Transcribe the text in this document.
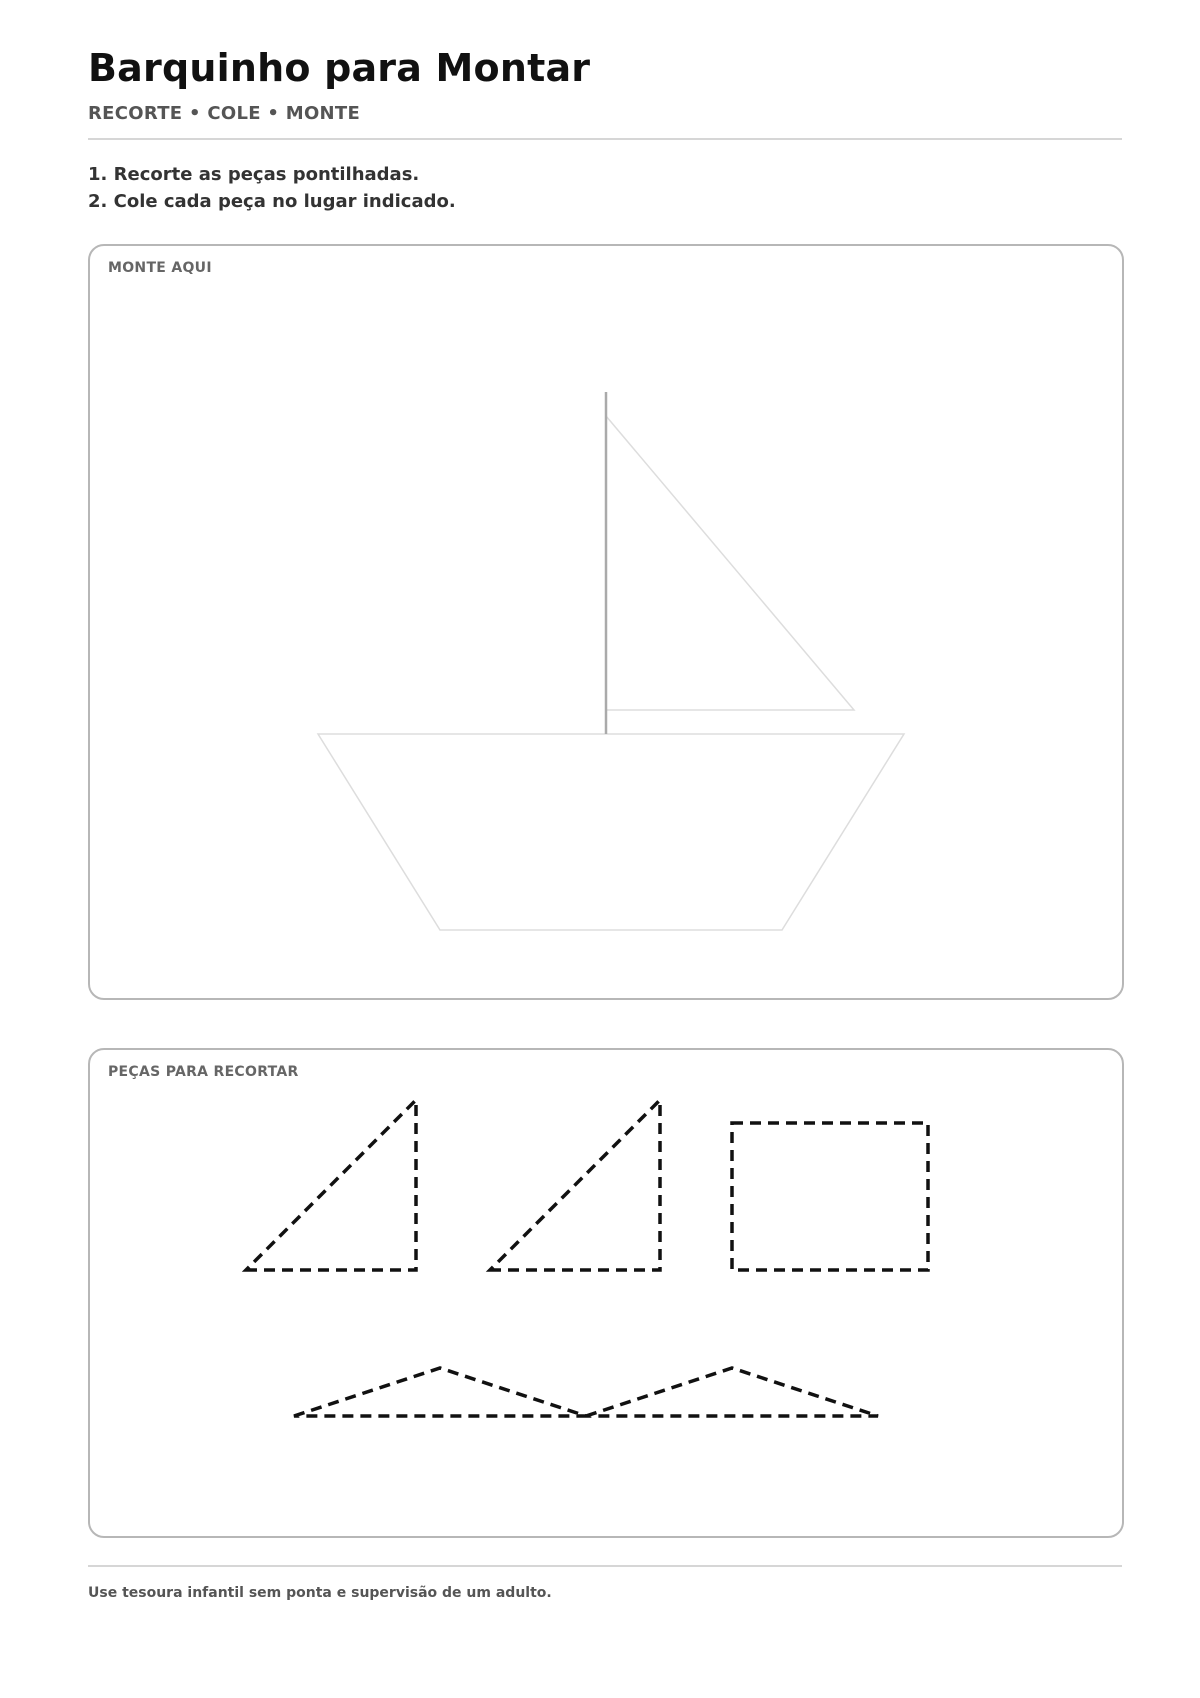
Barquinho para Montar
RECORTE • COLE • MONTE
1. Recorte as peças pontilhadas.
2. Cole cada peça no lugar indicado.
MONTE AQUI
PEÇAS PARA RECORTAR
Use tesoura infantil sem ponta e supervisão de um adulto.
